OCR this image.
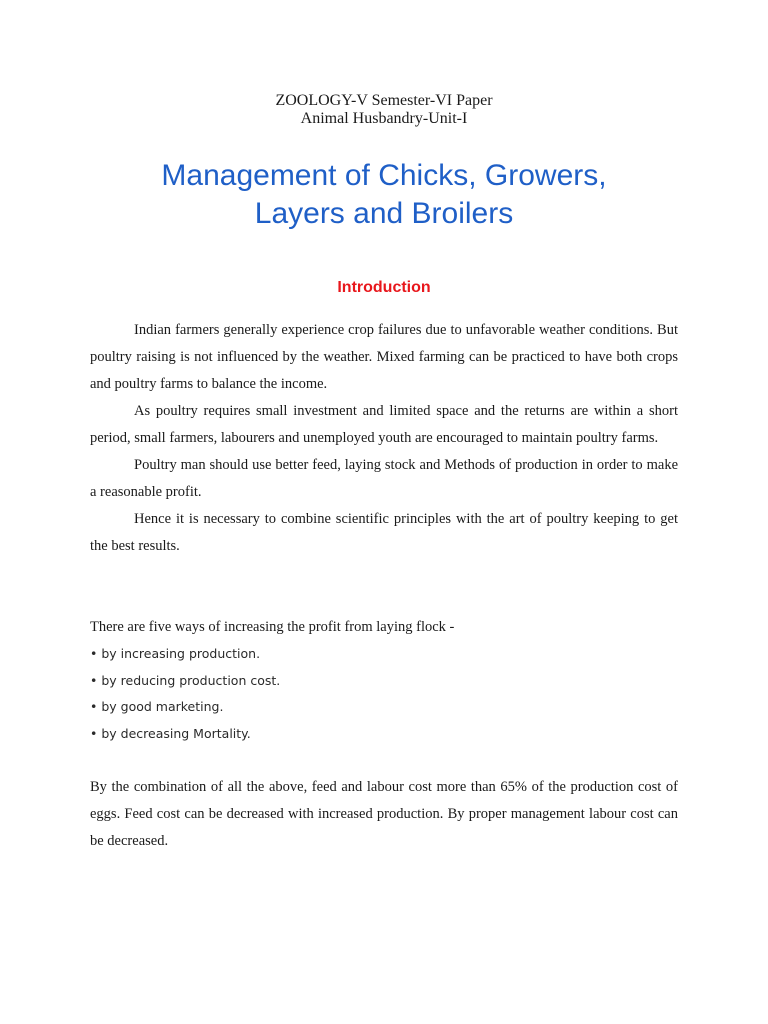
ZOOLOGY-V Semester-VI Paper
Animal Husbandry-Unit-I
Management of Chicks, Growers,
Layers and Broilers
Introduction

Indian farmers generally experience crop failures due to unfavorable weather conditions. But poultry raising is not influenced by the weather. Mixed farming can be practiced to have both crops and poultry farms to balance the income.

As poultry requires small investment and limited space and the returns are within a short period, small farmers, labourers and unemployed youth are encouraged to maintain poultry farms.

Poultry man should use better feed, laying stock and Methods of production in order to make a reasonable profit.

Hence it is necessary to combine scientific principles with the art of poultry keeping to get the best results.

There are five ways of increasing the profit from laying flock -

• by increasing production.
• by reducing production cost.
• by good marketing.
• by decreasing Mortality.

By the combination of all the above, feed and labour cost more than 65% of the production cost of eggs. Feed cost can be decreased with increased production. By proper management labour cost can be decreased.
